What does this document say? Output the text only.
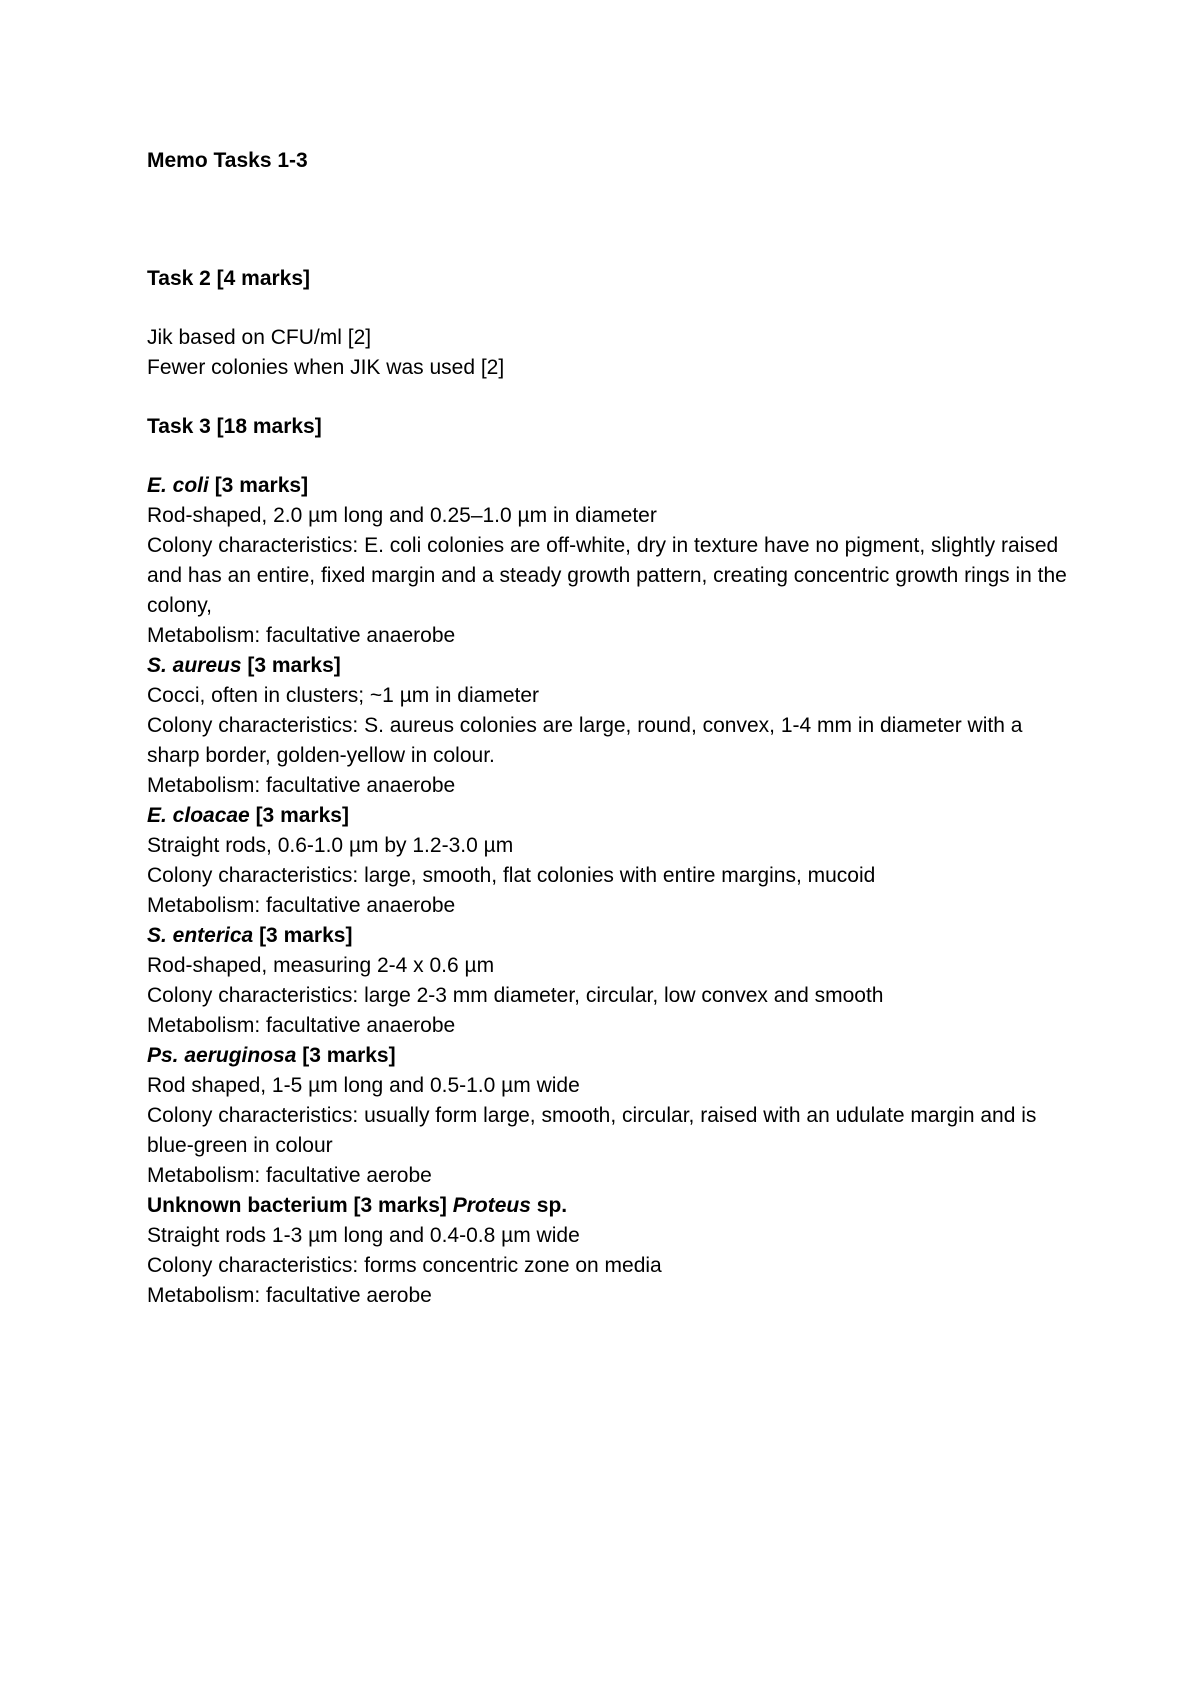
Memo Tasks 1-3

Task 2 [4 marks]

Jik based on CFU/ml [2]

Fewer colonies when JIK was used [2]

Task 3 [18 marks]

E. coli [3 marks]

Rod-shaped, 2.0 µm long and 0.25–1.0 µm in diameter

Colony characteristics: E. coli colonies are off-white, dry in texture have no pigment, slightly raised and has an entire, fixed margin and a steady growth pattern, creating concentric growth rings in the colony,

Metabolism: facultative anaerobe

S. aureus [3 marks]

Cocci, often in clusters; ~1 µm in diameter

Colony characteristics: S. aureus colonies are large, round, convex, 1-4 mm in diameter with a sharp border, golden-yellow in colour.

Metabolism: facultative anaerobe

E. cloacae [3 marks]

Straight rods, 0.6-1.0 µm by 1.2-3.0 µm

Colony characteristics: large, smooth, flat colonies with entire margins, mucoid

Metabolism: facultative anaerobe

S. enterica [3 marks]

Rod-shaped, measuring 2-4 x 0.6 µm

Colony characteristics: large 2-3 mm diameter, circular, low convex and smooth

Metabolism: facultative anaerobe

Ps. aeruginosa [3 marks]

Rod shaped, 1-5 µm long and 0.5-1.0 µm wide

Colony characteristics: usually form large, smooth, circular, raised with an udulate margin and is blue-green in colour

Metabolism: facultative aerobe

Unknown bacterium [3 marks] Proteus sp.

Straight rods 1-3 µm long and 0.4-0.8 µm wide

Colony characteristics: forms concentric zone on media

Metabolism: facultative aerobe
